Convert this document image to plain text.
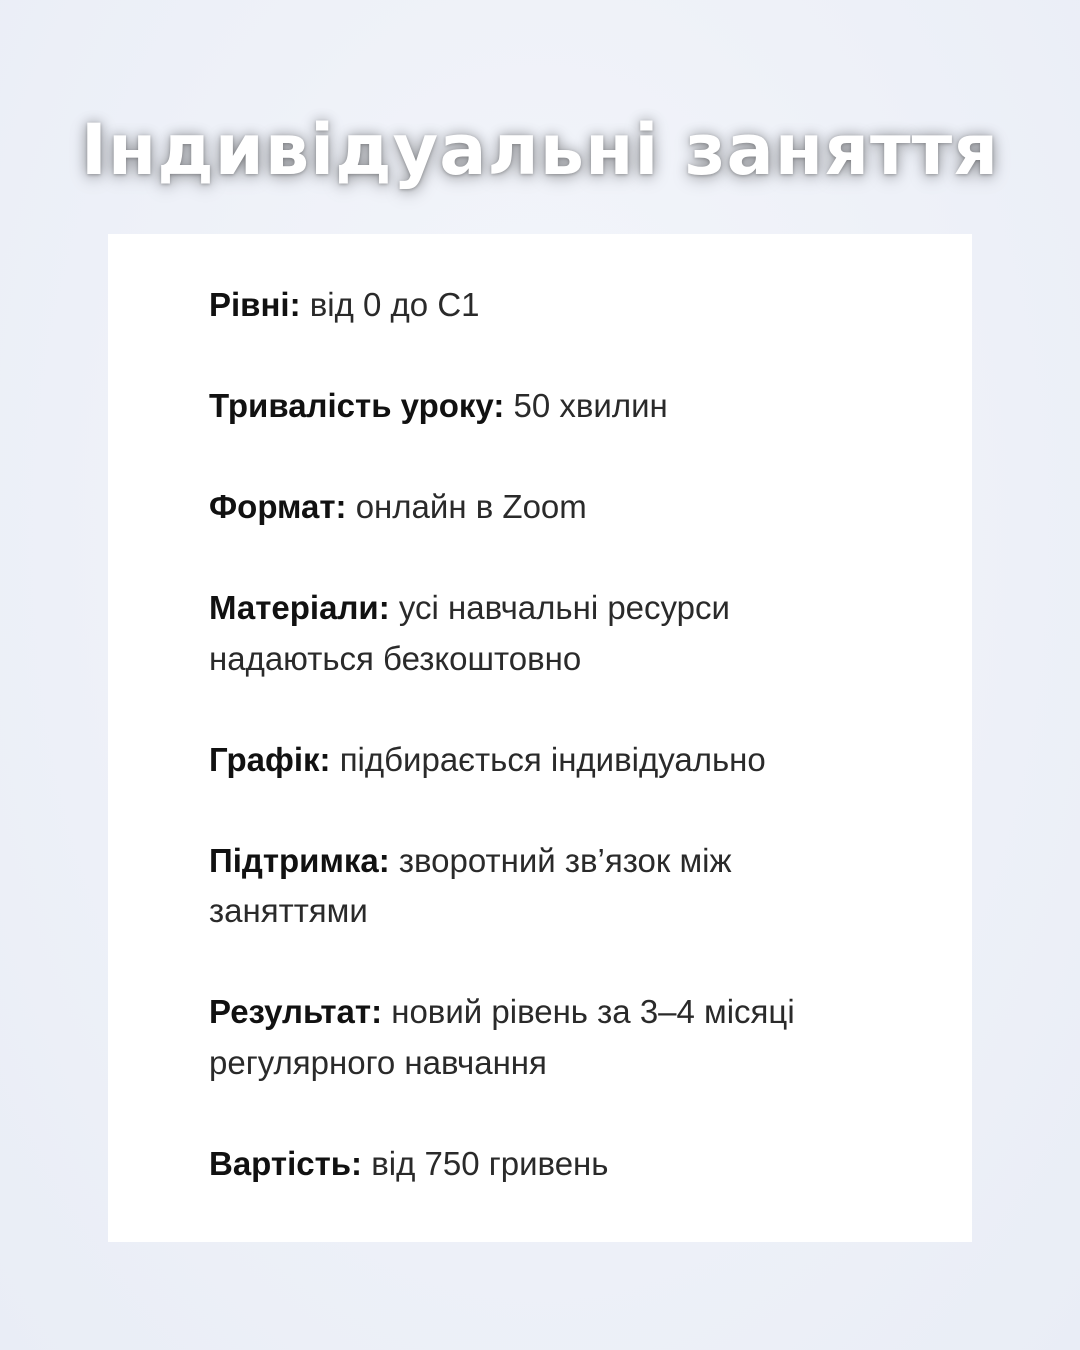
Індивідуальні заняття

Рівні: від 0 до C1

Тривалість уроку: 50 хвилин

Формат: онлайн в Zoom

Матеріали: усі навчальні ресурси надаються безкоштовно

Графік: підбирається індивідуально

Підтримка: зворотний зв’язок між заняттями

Результат: новий рівень за 3–4 місяці регулярного навчання

Вартість: від 750 гривень
